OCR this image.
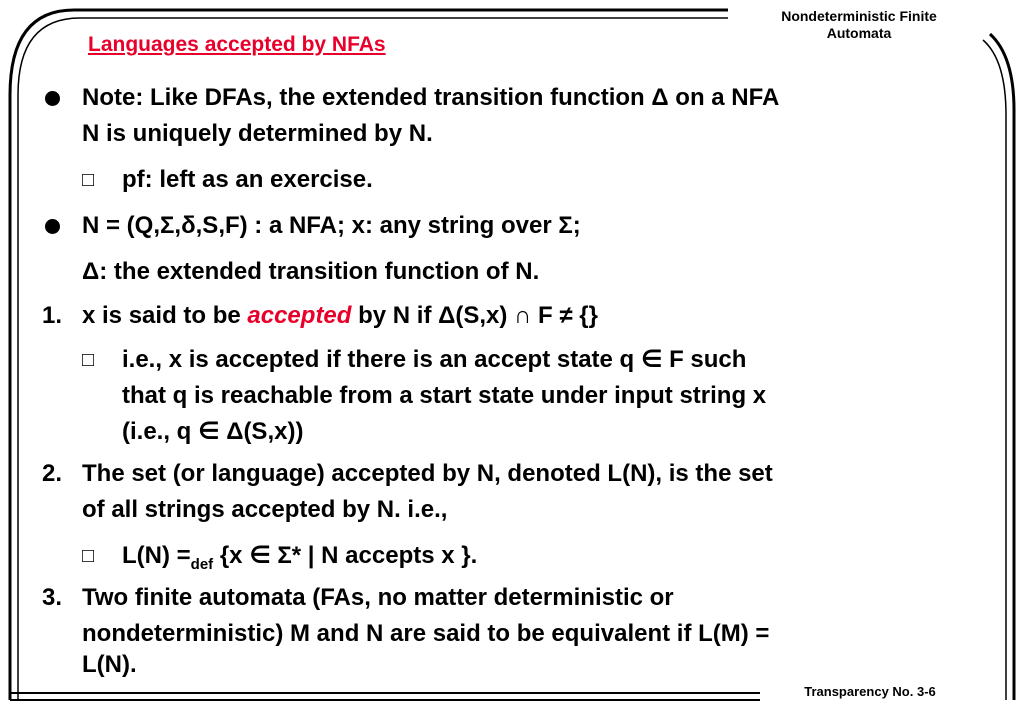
Nondeterministic Finite
Automata
Languages accepted by NFAs

Note: Like DFAs, the extended transition function Δ on a NFA

N is uniquely determined by N.

□	pf: left as an exercise.

N = (Q,Σ,δ,S,F) : a NFA; x: any string over Σ;

Δ: the extended transition function of N.

1. x is said to be accepted by N if Δ(S,x) ∩ F ≠ {}

□	i.e., x is accepted if there is an accept state q ∈ F such

that q is reachable from a start state under input string x

(i.e., q ∈ Δ(S,x))

2. The set (or language) accepted by N, denoted L(N), is the set

of all strings accepted by N. i.e.,

□	$L(N) =_{def}$ {x ∈ Σ* | N accepts x }.

3. Two finite automata (FAs, no matter deterministic or

nondeterministic) M and N are said to be equivalent if L(M) =

L(N).

Transparency No. 3-6
